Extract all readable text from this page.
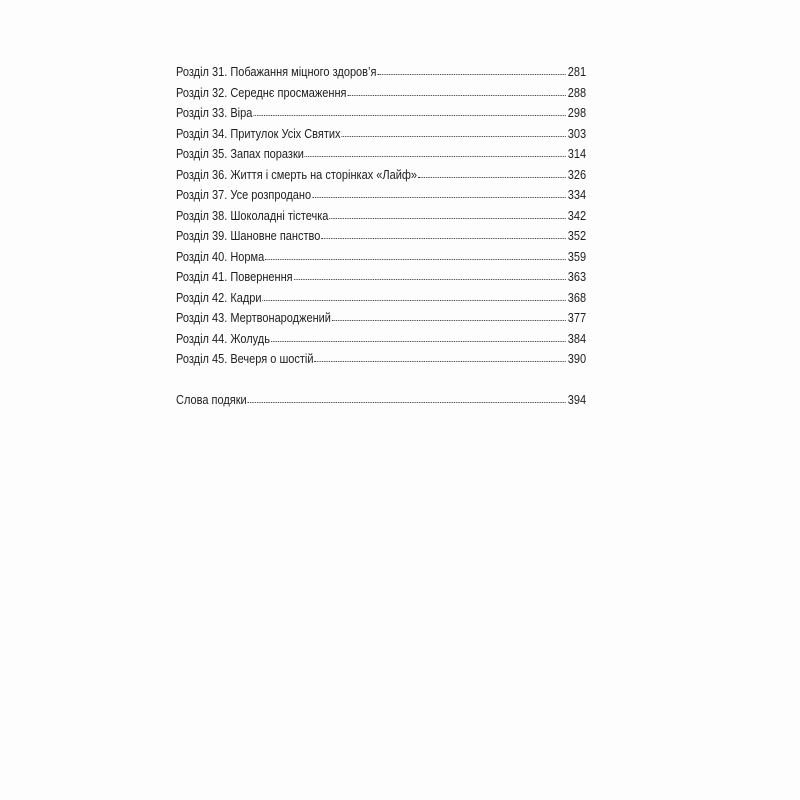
Розділ 31. Побажання міцного здоров’я	281
Розділ 32. Середнє просмаження	288
Розділ 33. Віра	298
Розділ 34. Притулок Усіх Святих	303
Розділ 35. Запах поразки	314
Розділ 36. Життя і смерть на сторінках «Лайф»	326
Розділ 37. Усе розпродано	334
Розділ 38. Шоколадні тістечка	342
Розділ 39. Шановне панство	352
Розділ 40. Норма	359
Розділ 41. Повернення	363
Розділ 42. Кадри	368
Розділ 43. Мертвонароджений	377
Розділ 44. Жолудь	384
Розділ 45. Вечеря о шостій	390
Слова подяки	394
